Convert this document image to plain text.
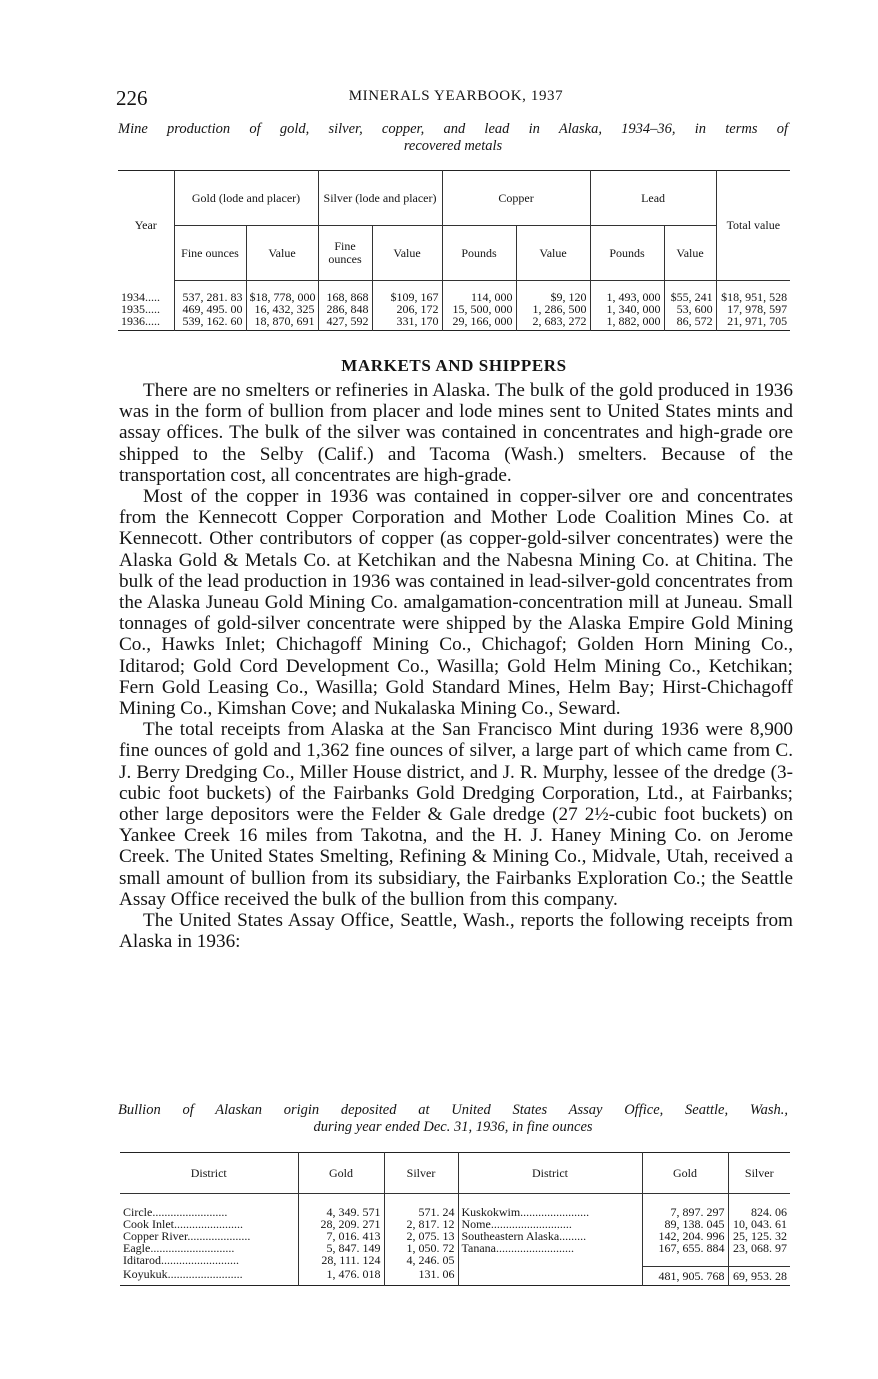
226	MINERALS YEARBOOK, 1937
Mine production of gold, silver, copper, and lead in Alaska, 1934–36, in terms of
recovered metals
Year	Gold (lode and placer)		Silver (lode and placer)		Copper		Lead		Total value
	Fine ounces	Value	Fine ounces	Value	Pounds	Value	Pounds	Value	

1934.....	537, 281. 83	$18, 778, 000	168, 868	$109, 167	114, 000	$9, 120	1, 493, 000	$55, 241	$18, 951, 528
1935.....	469, 495. 00	16, 432, 325	286, 848	206, 172	15, 500, 000	1, 286, 500	1, 340, 000	53, 600	17, 978, 597
1936.....	539, 162. 60	18, 870, 691	427, 592	331, 170	29, 166, 000	2, 683, 272	1, 882, 000	86, 572	21, 971, 705
MARKETS AND SHIPPERS

There are no smelters or refineries in Alaska. The bulk of the gold produced in 1936 was in the form of bullion from placer and lode mines sent to United States mints and assay offices. The bulk of the silver was contained in concentrates and high-grade ore shipped to the Selby (Calif.) and Tacoma (Wash.) smelters. Because of the transportation cost, all concentrates are high-grade.

Most of the copper in 1936 was contained in copper-silver ore and concentrates from the Kennecott Copper Corporation and Mother Lode Coalition Mines Co. at Kennecott. Other contributors of copper (as copper-gold-silver concentrates) were the Alaska Gold & Metals Co. at Ketchikan and the Nabesna Mining Co. at Chitina. The bulk of the lead production in 1936 was contained in lead-silver-gold concentrates from the Alaska Juneau Gold Mining Co. amalgamation-concentration mill at Juneau. Small tonnages of gold-silver concentrate were shipped by the Alaska Empire Gold Mining Co., Hawks Inlet; Chichagoff Mining Co., Chichagof; Golden Horn Mining Co., Iditarod; Gold Cord Development Co., Wasilla; Gold Helm Mining Co., Ketchikan; Fern Gold Leasing Co., Wasilla; Gold Standard Mines, Helm Bay; Hirst-Chichagoff Mining Co., Kimshan Cove; and Nukalaska Mining Co., Seward.

The total receipts from Alaska at the San Francisco Mint during 1936 were 8,900 fine ounces of gold and 1,362 fine ounces of silver, a large part of which came from C. J. Berry Dredging Co., Miller House district, and J. R. Murphy, lessee of the dredge (3-cubic foot buckets) of the Fairbanks Gold Dredging Corporation, Ltd., at Fairbanks; other large depositors were the Felder & Gale dredge (27 2½-cubic foot buckets) on Yankee Creek 16 miles from Takotna, and the H. J. Haney Mining Co. on Jerome Creek. The United States Smelting, Refining & Mining Co., Midvale, Utah, received a small amount of bullion from its subsidiary, the Fairbanks Exploration Co.; the Seattle Assay Office received the bulk of the bullion from this company.

The United States Assay Office, Seattle, Wash., reports the following receipts from Alaska in 1936:

Bullion of Alaskan origin deposited at United States Assay Office, Seattle, Wash.,
during year ended Dec. 31, 1936, in fine ounces
District	Gold	Silver	District	Gold	Silver

Circle.........................	4, 349. 571	571. 24	Kuskokwim.......................	7, 897. 297	824. 06
Cook Inlet.......................	28, 209. 271	2, 817. 12	Nome...........................	89, 138. 045	10, 043. 61
Copper River.....................	7, 016. 413	2, 075. 13	Southeastern Alaska.........	142, 204. 996	25, 125. 32
Eagle............................	5, 847. 149	1, 050. 72	Tanana..........................	167, 655. 884	23, 068. 97
Iditarod..........................	28, 111. 124	4, 246. 05			
Koyukuk.........................	1, 476. 018	131. 06		481, 905. 768	69, 953. 28
